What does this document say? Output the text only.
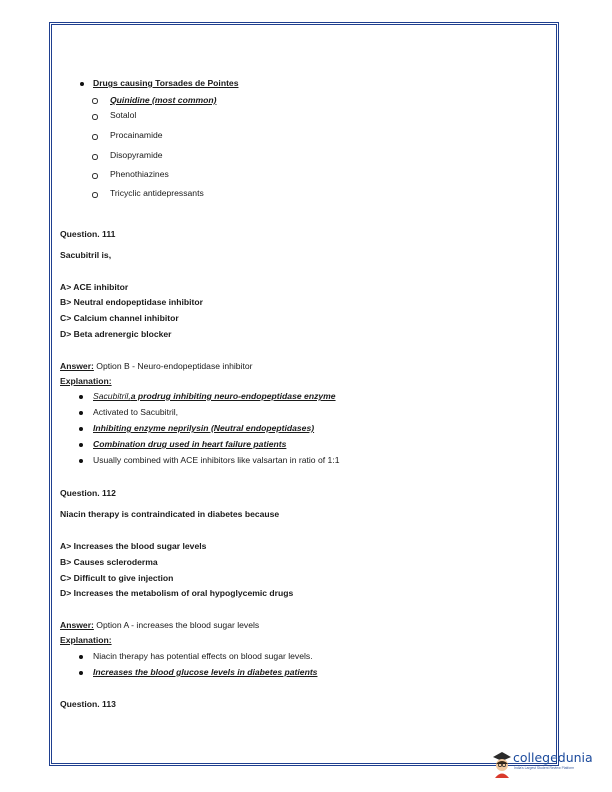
Drugs causing Torsades de Pointes
Quinidine (most common)
Sotalol
Procainamide
Disopyramide
Phenothiazines
Tricyclic antidepressants
Question. 111
Sacubitril is,
A> ACE inhibitor
B> Neutral endopeptidase inhibitor
C> Calcium channel inhibitor
D> Beta adrenergic blocker
Answer: Option B - Neuro-endopeptidase inhibitor
Explanation:
Sacubitril,a prodrug inhibiting neuro-endopeptidase enzyme
Activated to Sacubitril,
Inhibiting enzyme neprilysin (Neutral endopeptidases)
Combination drug used in heart failure patients
Usually combined with ACE inhibitors like valsartan in ratio of 1:1
Question. 112
Niacin therapy is contraindicated in diabetes because
A> Increases the blood sugar levels
B> Causes scleroderma
C> Difficult to give injection
D> Increases the metabolism of oral hypoglycemic drugs
Answer: Option A - increases the blood sugar levels
Explanation:
Niacin therapy has potential effects on blood sugar levels.
Increases the blood glucose levels in diabetes patients
Question. 113
collegedunia
India's Largest Student Review Platform
